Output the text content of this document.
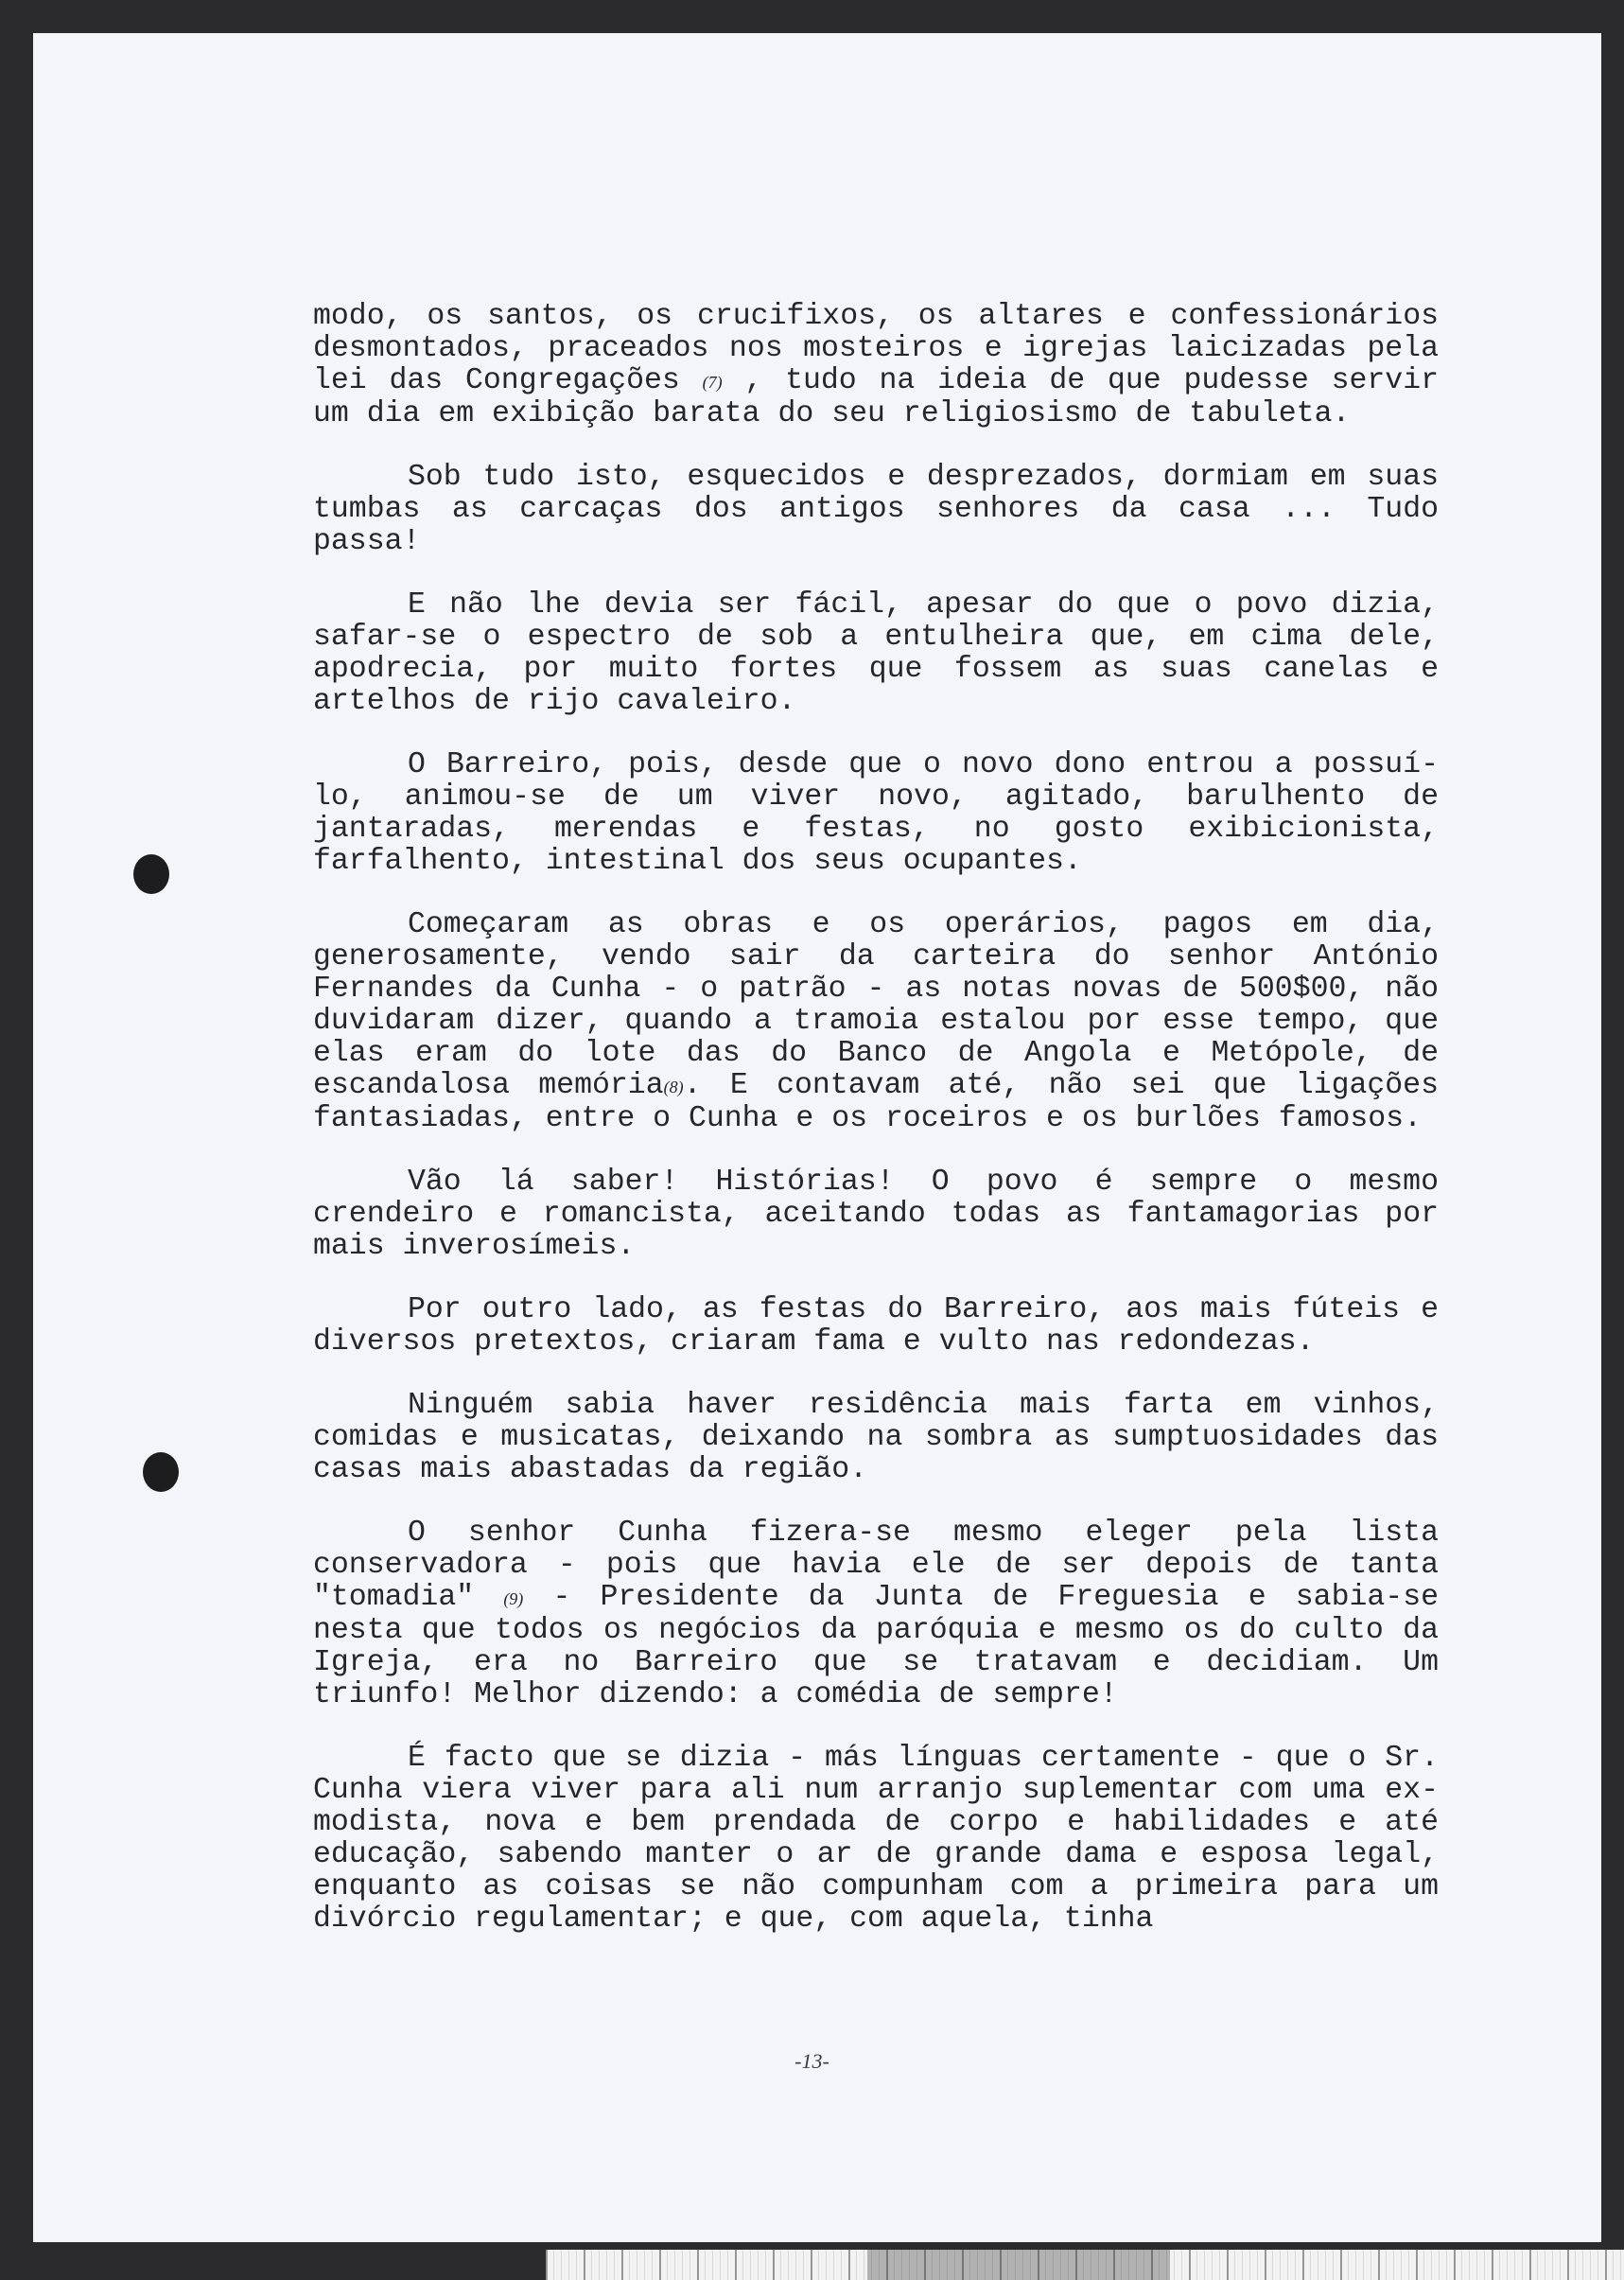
modo, os santos, os crucifixos, os altares e confessionários desmontados, praceados nos mosteiros e igrejas laicizadas pela lei das Congregações (7) , tudo na ideia de que pudesse servir um dia em exibição barata do seu religiosismo de tabuleta.

Sob tudo isto, esquecidos e desprezados, dormiam em suas tumbas as carcaças dos antigos senhores da casa ... Tudo passa!

E não lhe devia ser fácil, apesar do que o povo dizia, safar-se o espectro de sob a entulheira que, em cima dele, apodrecia, por muito fortes que fossem as suas canelas e artelhos de rijo cavaleiro.

O Barreiro, pois, desde que o novo dono entrou a possuí-lo, animou-se de um viver novo, agitado, barulhento de jantaradas, merendas e festas, no gosto exibicionista, farfalhento, intestinal dos seus ocupantes.

Começaram as obras e os operários, pagos em dia, generosamente, vendo sair da carteira do senhor António Fernandes da Cunha - o patrão - as notas novas de 500$00, não duvidaram dizer, quando a tramoia estalou por esse tempo, que elas eram do lote das do Banco de Angola e Metópole, de escandalosa memória(8). E contavam até, não sei que ligações fantasiadas, entre o Cunha e os roceiros e os burlões famosos.

Vão lá saber! Histórias! O povo é sempre o mesmo crendeiro e romancista, aceitando todas as fantamagorias por mais inverosímeis.

Por outro lado, as festas do Barreiro, aos mais fúteis e diversos pretextos, criaram fama e vulto nas redondezas.

Ninguém sabia haver residência mais farta em vinhos, comidas e musicatas, deixando na sombra as sumptuosidades das casas mais abastadas da região.

O senhor Cunha fizera-se mesmo eleger pela lista conservadora - pois que havia ele de ser depois de tanta "tomadia" (9) - Presidente da Junta de Freguesia e sabia-se nesta que todos os negócios da paróquia e mesmo os do culto da Igreja, era no Barreiro que se tratavam e decidiam. Um triunfo! Melhor dizendo: a comédia de sempre!

É facto que se dizia - más línguas certamente - que o Sr. Cunha viera viver para ali num arranjo suplementar com uma ex-modista, nova e bem prendada de corpo e habilidades e até educação, sabendo manter o ar de grande dama e esposa legal, enquanto as coisas se não compunham com a primeira para um divórcio regulamentar; e que, com aquela, tinha

-13-
